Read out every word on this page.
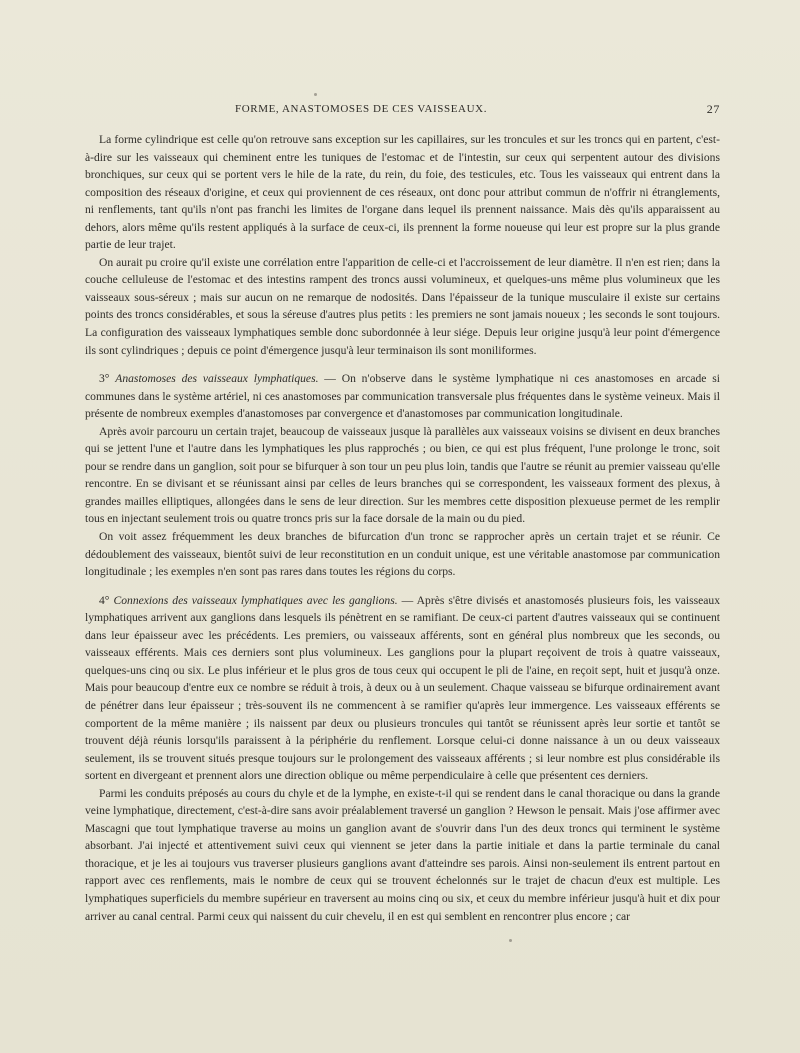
FORME, ANASTOMOSES DE CES VAISSEAUX.	27

La forme cylindrique est celle qu'on retrouve sans exception sur les capillaires, sur les troncules et sur les troncs qui en partent, c'est-à-dire sur les vaisseaux qui cheminent entre les tuniques de l'estomac et de l'intestin, sur ceux qui serpentent autour des divisions bronchiques, sur ceux qui se portent vers le hile de la rate, du rein, du foie, des testicules, etc. Tous les vaisseaux qui entrent dans la composition des réseaux d'origine, et ceux qui proviennent de ces réseaux, ont donc pour attribut commun de n'offrir ni étranglements, ni renflements, tant qu'ils n'ont pas franchi les limites de l'organe dans lequel ils prennent naissance. Mais dès qu'ils apparaissent au dehors, alors même qu'ils restent appliqués à la surface de ceux-ci, ils prennent la forme noueuse qui leur est propre sur la plus grande partie de leur trajet.

On aurait pu croire qu'il existe une corrélation entre l'apparition de celle-ci et l'accroissement de leur diamètre. Il n'en est rien; dans la couche celluleuse de l'estomac et des intestins rampent des troncs aussi volumineux, et quelques-uns même plus volumineux que les vaisseaux sous-séreux ; mais sur aucun on ne remarque de nodosités. Dans l'épaisseur de la tunique musculaire il existe sur certains points des troncs considérables, et sous la séreuse d'autres plus petits : les premiers ne sont jamais noueux ; les seconds le sont toujours. La configuration des vaisseaux lymphatiques semble donc subordonnée à leur siége. Depuis leur origine jusqu'à leur point d'émergence ils sont cylindriques ; depuis ce point d'émergence jusqu'à leur terminaison ils sont moniliformes.

3° Anastomoses des vaisseaux lymphatiques. — On n'observe dans le système lymphatique ni ces anastomoses en arcade si communes dans le système artériel, ni ces anastomoses par communication transversale plus fréquentes dans le système veineux. Mais il présente de nombreux exemples d'anastomoses par convergence et d'anastomoses par communication longitudinale.

Après avoir parcouru un certain trajet, beaucoup de vaisseaux jusque là parallèles aux vaisseaux voisins se divisent en deux branches qui se jettent l'une et l'autre dans les lymphatiques les plus rapprochés ; ou bien, ce qui est plus fréquent, l'une prolonge le tronc, soit pour se rendre dans un ganglion, soit pour se bifurquer à son tour un peu plus loin, tandis que l'autre se réunit au premier vaisseau qu'elle rencontre. En se divisant et se réunissant ainsi par celles de leurs branches qui se correspondent, les vaisseaux forment des plexus, à grandes mailles elliptiques, allongées dans le sens de leur direction. Sur les membres cette disposition plexueuse permet de les remplir tous en injectant seulement trois ou quatre troncs pris sur la face dorsale de la main ou du pied.

On voit assez fréquemment les deux branches de bifurcation d'un tronc se rapprocher après un certain trajet et se réunir. Ce dédoublement des vaisseaux, bientôt suivi de leur reconstitution en un conduit unique, est une véritable anastomose par communication longitudinale ; les exemples n'en sont pas rares dans toutes les régions du corps.

4° Connexions des vaisseaux lymphatiques avec les ganglions. — Après s'être divisés et anastomosés plusieurs fois, les vaisseaux lymphatiques arrivent aux ganglions dans lesquels ils pénètrent en se ramifiant. De ceux-ci partent d'autres vaisseaux qui se continuent dans leur épaisseur avec les précédents. Les premiers, ou vaisseaux afférents, sont en général plus nombreux que les seconds, ou vaisseaux efférents. Mais ces derniers sont plus volumineux. Les ganglions pour la plupart reçoivent de trois à quatre vaisseaux, quelques-uns cinq ou six. Le plus inférieur et le plus gros de tous ceux qui occupent le pli de l'aine, en reçoit sept, huit et jusqu'à onze. Mais pour beaucoup d'entre eux ce nombre se réduit à trois, à deux ou à un seulement. Chaque vaisseau se bifurque ordinairement avant de pénétrer dans leur épaisseur ; très-souvent ils ne commencent à se ramifier qu'après leur immergence. Les vaisseaux efférents se comportent de la même manière ; ils naissent par deux ou plusieurs troncules qui tantôt se réunissent après leur sortie et tantôt se trouvent déjà réunis lorsqu'ils paraissent à la périphérie du renflement. Lorsque celui-ci donne naissance à un ou deux vaisseaux seulement, ils se trouvent situés presque toujours sur le prolongement des vaisseaux afférents ; si leur nombre est plus considérable ils sortent en divergeant et prennent alors une direction oblique ou même perpendiculaire à celle que présentent ces derniers.

Parmi les conduits préposés au cours du chyle et de la lymphe, en existe-t-il qui se rendent dans le canal thoracique ou dans la grande veine lymphatique, directement, c'est-à-dire sans avoir préalablement traversé un ganglion ? Hewson le pensait. Mais j'ose affirmer avec Mascagni que tout lymphatique traverse au moins un ganglion avant de s'ouvrir dans l'un des deux troncs qui terminent le système absorbant. J'ai injecté et attentivement suivi ceux qui viennent se jeter dans la partie initiale et dans la partie terminale du canal thoracique, et je les ai toujours vus traverser plusieurs ganglions avant d'atteindre ses parois. Ainsi non-seulement ils entrent partout en rapport avec ces renflements, mais le nombre de ceux qui se trouvent échelonnés sur le trajet de chacun d'eux est multiple. Les lymphatiques superficiels du membre supérieur en traversent au moins cinq ou six, et ceux du membre inférieur jusqu'à huit et dix pour arriver au canal central. Parmi ceux qui naissent du cuir chevelu, il en est qui semblent en rencontrer plus encore ; car
